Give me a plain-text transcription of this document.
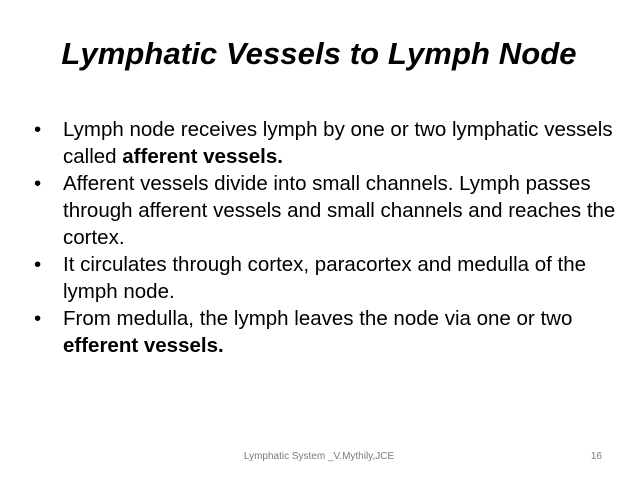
Lymphatic Vessels to Lymph Node
• Lymph node receives lymph by one or two lymphatic vessels called afferent vessels.
• Afferent vessels divide into small channels. Lymph passes through afferent vessels and small channels and reaches the cortex.
• It circulates through cortex, paracortex and medulla of the lymph node.
• From medulla, the lymph leaves the node via one or two efferent vessels.
Lymphatic System _V.Mythily,JCE	16
